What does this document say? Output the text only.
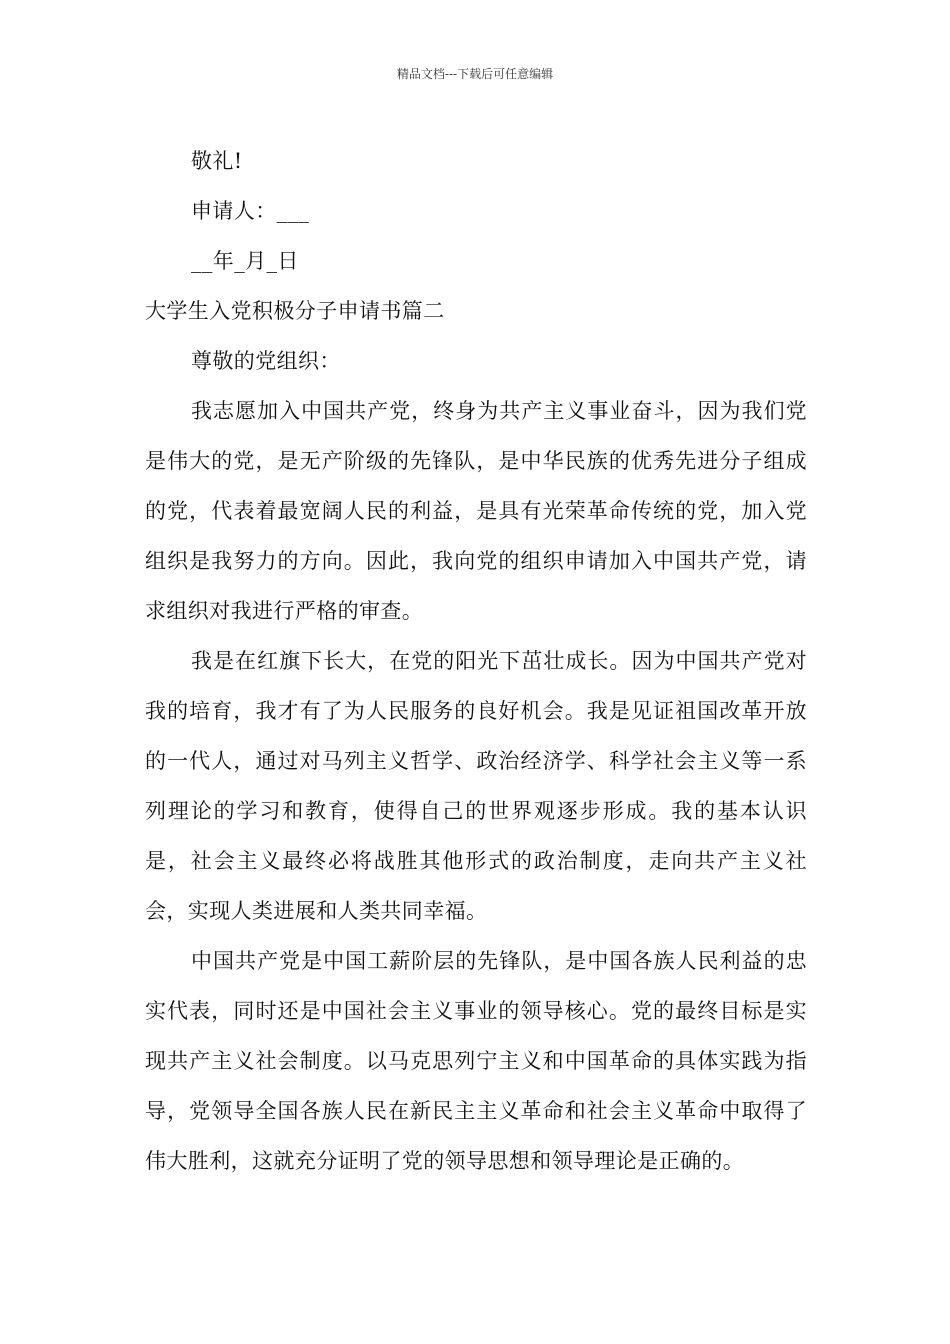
精品文档---下载后可任意编辑
敬礼!
申请人：___
__年_月_日
大学生入党积极分子申请书篇二
尊敬的党组织：

我志愿加入中国共产党，终身为共产主义事业奋斗，因为我们党是伟大的党，是无产阶级的先锋队，是中华民族的优秀先进分子组成的党，代表着最宽阔人民的利益，是具有光荣革命传统的党，加入党组织是我努力的方向。因此，我向党的组织申请加入中国共产党，请求组织对我进行严格的审查。

我是在红旗下长大，在党的阳光下茁壮成长。因为中国共产党对我的培育，我才有了为人民服务的良好机会。我是见证祖国改革开放的一代人，通过对马列主义哲学、政治经济学、科学社会主义等一系列理论的学习和教育，使得自己的世界观逐步形成。我的基本认识是，社会主义最终必将战胜其他形式的政治制度，走向共产主义社会，实现人类进展和人类共同幸福。

中国共产党是中国工薪阶层的先锋队，是中国各族人民利益的忠实代表，同时还是中国社会主义事业的领导核心。党的最终目标是实现共产主义社会制度。以马克思列宁主义和中国革命的具体实践为指导，党领导全国各族人民在新民主主义革命和社会主义革命中取得了伟大胜利，这就充分证明了党的领导思想和领导理论是正确的。
